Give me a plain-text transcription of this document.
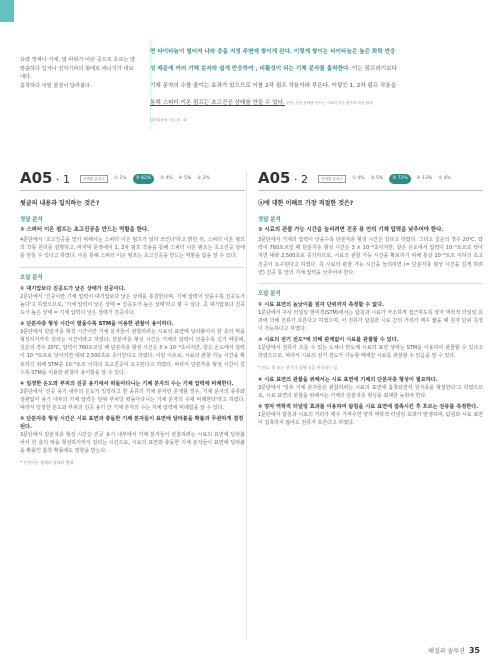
유량 액체나 기체, 열 따위가 어떤 곳으로 흐르는 양.

방출하다 입자나 전자기파의 형태로 에너지가 내보내다.

흡착하다 어떤 물질이 달라붙다.

면 타이타늄이 떨어져 나와 층을 지정 주변에 쌓이게 된다. 이렇게 쌓이는 타이타늄은 높은 화학 반응
성 때문에 여러 기체 분자와 쉽게 반응하여 , 비활성이 되는 기체 분자를 흡착한다. 이는 펌프라기보다
기체 분자의 수를 줄이는 효과가 있으므로 이를 2차 펌프 작용이라 부른다. 이렇듯 1, 2차 펌프 작용을
통해 스퍼터 이온 펌프는 초고진공 상태를 만들 수 있다. 문단: 진공 상태를 만드는 스퍼터 이온 펌프의 작동 원리
타이타늄의 기능 ③ - ②
A05 · 1	선택률 유의도	① 1%	② 82%	③ 4% ④ 5% ⑤ 2%
윗글의 내용과 일치하는 것은?
정답 분석
② 스퍼터 이온 펌프는 초고진공을 만드는 역할을 한다.

4문단에서 '초고진공을 얻기 위해서는 스퍼터 이온 펌프가 널리 쓰인다'라고 밝힌 뒤, 스퍼터 이온 펌프의 작동 원리를 설명하고, 마지막 문장에서 1, 2차 펌프 작용을 통해 스퍼터 이온 펌프는 초고진공 상태를 만들 수 있다고 하였다. 이를 통해 스퍼터 이온 펌프는 초고진공을 만드는 역할을 함을 알 수 있다.

오답 분석
① 대기압보다 진공도가 낮은 상태가 진공이다.

2문단에서 '진공이란 기체 압력이 대기압보다 낮은 상태를 통칭한다며, 기체 압력이 낮을수록 진공도가 높다'고 하였으므로, '기체 압력이 낮은 상태 = 진공도가 높은 상태'라고 할 수 있다. 즉 대기압보다 진공도가 높은 상태 = 기체 압력이 낮은 상태가 진공이다.

③ 단분자층 형성 시간이 말을수록 STM을 이용한 관찰이 용이하다.

3문단에서 단분자층 형성 시간이란 기체 분자들이 관찰하려는 시료의 표면에 달라붙어서 한 층의 막을 형성하기까지 걸리는 시간이라고 하였다. 단분자층 형성 시간은 기체의 압력이 낮을수록 길기 때문에, 실온의 경우 20℃, 압력이 760토르일 때 단분자층 형성 시간은 3 × 10⁻⁹초이지만, 같은 온도에서 압력이 10⁻⁹토르로 낮아지면 대략 2,500초로 증가한다고 하였다. 이런 이유로, 시료의 관찰 가능 시간을 확보하기 위해 STM을 10⁻⁹토르 이하의 초고진공이 요구된다고 하였다. 따라서 단분자층 형성 시간이 길수록 STM을 이용한 관찰이 용이함을 알 수 있다.

④ 일정한 온도와 부피의 진공 용기에서 떠돌아다니는 기체 분자의 수는 기체 압력에 비례한다.

2문단에서 '진공 용기 내부의 온도가 일정하고 한 종류의 기체 분자만 존재할 경우, 기체 분자의 종류와 상관없이 용기 내부의 기체 압력은 단위 부피당 떠돌아다니는 기체 분자의 수에 비례한다'라고 하였다. 따라서 일정한 온도와 부피의 진공 용기 안 기체 분자의 수는 기체 압력에 비례함을 알 수 있다.

⑤ 단분자층 형성 시간은 시료 표면과 충돌한 기체 분자들이 표면에 달라붙을 확률과 무관하게 결정된다.

3문단에서 단분자층 형성 시간은 진공 용기 내부에서 기체 분자들이 관찰하려는 시료의 표면에 달라붙어서 한 층의 막을 형성하기까지 걸리는 시간으로, 시료의 표면과 충돌한 기체 분자들이 표면에 달라붙을 확률인 흡착 확률에도 영향을 받는다.

* 무엇이든 경계나 상태의 범위.
A05 · 2	선택률 유의도	① 4% ② 5%	③ 72%	④ 13% ⑤ 4%
ⓐ에 대한 이해로 가장 적절한 것은?
정답 분석
③ 시료의 관찰 가능 시간을 늘리려면 진공 용 안의 기체 압력을 낮추어야 한다.

3문단에서 기체의 압력이 낮을수록 단분자층 형성 시간은 길다고 하였다. 그리고 실온의 경우 20℃, 압력이 760토르일 때 단분자층 형성 시간은 3 × 10⁻⁹초이지만, 같은 온도에서 압력이 10⁻⁹토르로 낮아지면 대략 2,500초로 증가하므로, 시료의 관찰 가능 시간을 확보하기 위해 통상 10⁻⁹토르 이하의 초고진공이 요구된다고 하였다. 즉 시료의 관찰 가능 시간을 늘리려면 (= 단분자층 형성 시간을 길게 하려면) 진공 통 안의 기체 압력을 낮추어야 한다.

오답 분석
① 시료 표면의 높낮이를 원자 단위까지 측정할 수 없다.

1문단에서 주사 터널링 현미경(STM)에서는 탐침과 시료가 극소하게 접근하도록 양자 역학적 터널링 효과에 의해 전류가 흐른다고 하였으며, 이 전류가 탐침과 시료 간의 거리가 매우 짧을 때 원자 단위 측정이 가능하다고 하였다.

② 시료의 전기 전도*에 의해 관계없이 시료를 관찰할 수 있다.

1문단에서 전류가 흐를 수 있는 도체나 반도체 시료의 표면 상태는 STM을 이용하여 관찰할 수 있다고 하였으므로, 따라서 시료의 전기 전도가 가능할 때에만 시료를 관찰할 수 있음을 알 수 있다.

* 전도: 열 또는 전기가 물체 속을 이동하는 일.
④ 시료 표면의 관찰을 위해서는 시료 표면에 기체의 단분자층 형성이 필요하다.

3문단에서 '일부 기체 분자들은 관찰하려는 시료의 표면에 흡착되면서 원자층을 형성한다'고 하였으므로, 시료 표면의 관찰을 위해서는 기체의 단분자층 형성을 최대한 늦춰야 한다.

⑤ 양자 역학적 터널링 효과를 이용하여 탐침을 시료 표면에 접촉시킨 후 흐르는 전류를 측정한다.

1문단에서 탐침과 시료의 거리가 매우 가까우면 양자 역학적 터널링 효과가 발생하며, 탐침과 시료 표면이 접촉하지 않아도 전류가 흐른다고 하였다.

해설과 솔루션 35
